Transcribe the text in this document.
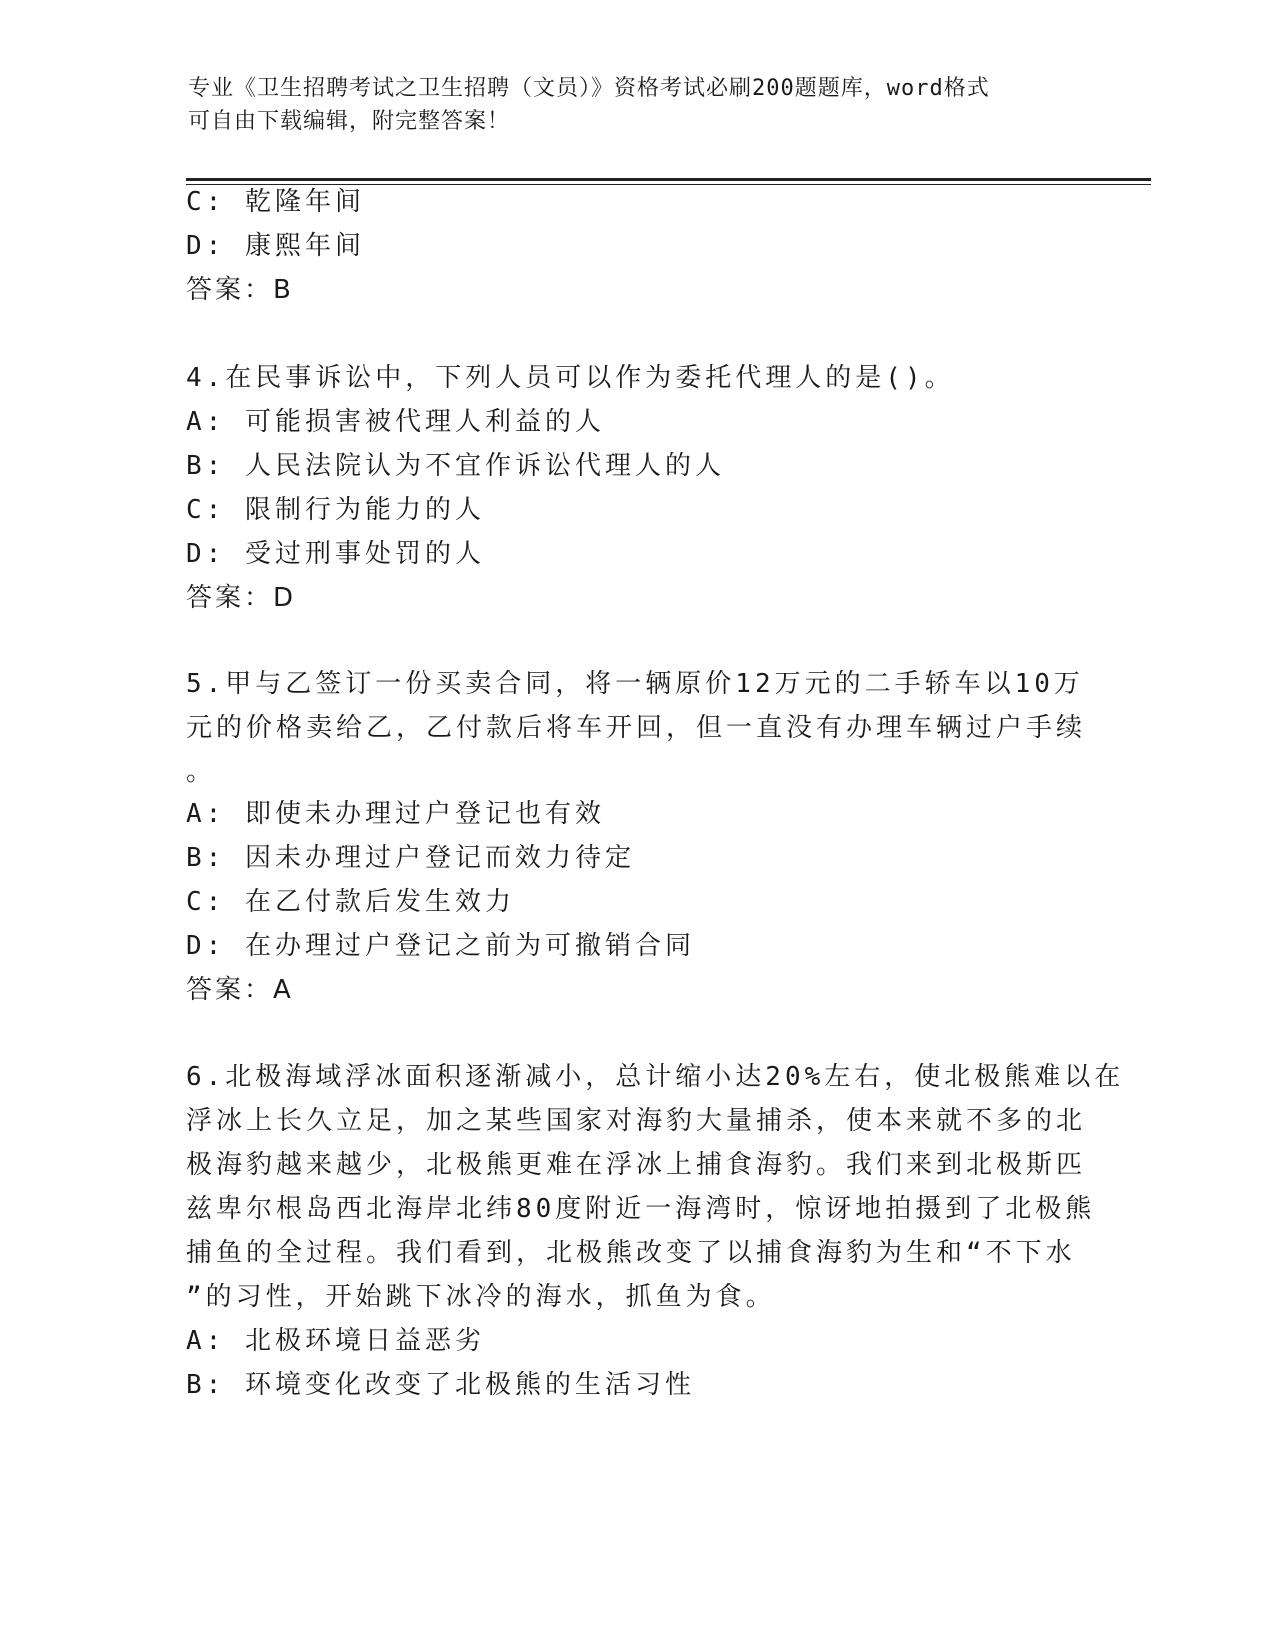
专业《卫生招聘考试之卫生招聘（文员）》资格考试必刷200题题库，word格式

可自由下载编辑，附完整答案！

C: 乾隆年间
D: 康熙年间
答案：B
4.在民事诉讼中，下列人员可以作为委托代理人的是()。
A: 可能损害被代理人利益的人
B: 人民法院认为不宜作诉讼代理人的人
C: 限制行为能力的人
D: 受过刑事处罚的人
答案：D
5.甲与乙签订一份买卖合同，将一辆原价12万元的二手轿车以10万
元的价格卖给乙，乙付款后将车开回，但一直没有办理车辆过户手续
。
A: 即使未办理过户登记也有效
B: 因未办理过户登记而效力待定
C: 在乙付款后发生效力
D: 在办理过户登记之前为可撤销合同
答案：A
6.北极海域浮冰面积逐渐减小，总计缩小达20%左右，使北极熊难以在
浮冰上长久立足，加之某些国家对海豹大量捕杀，使本来就不多的北
极海豹越来越少，北极熊更难在浮冰上捕食海豹。我们来到北极斯匹
兹卑尔根岛西北海岸北纬80度附近一海湾时，惊讶地拍摄到了北极熊
捕鱼的全过程。我们看到，北极熊改变了以捕食海豹为生和“不下水
”的习性，开始跳下冰冷的海水，抓鱼为食。
A: 北极环境日益恶劣
B: 环境变化改变了北极熊的生活习性
